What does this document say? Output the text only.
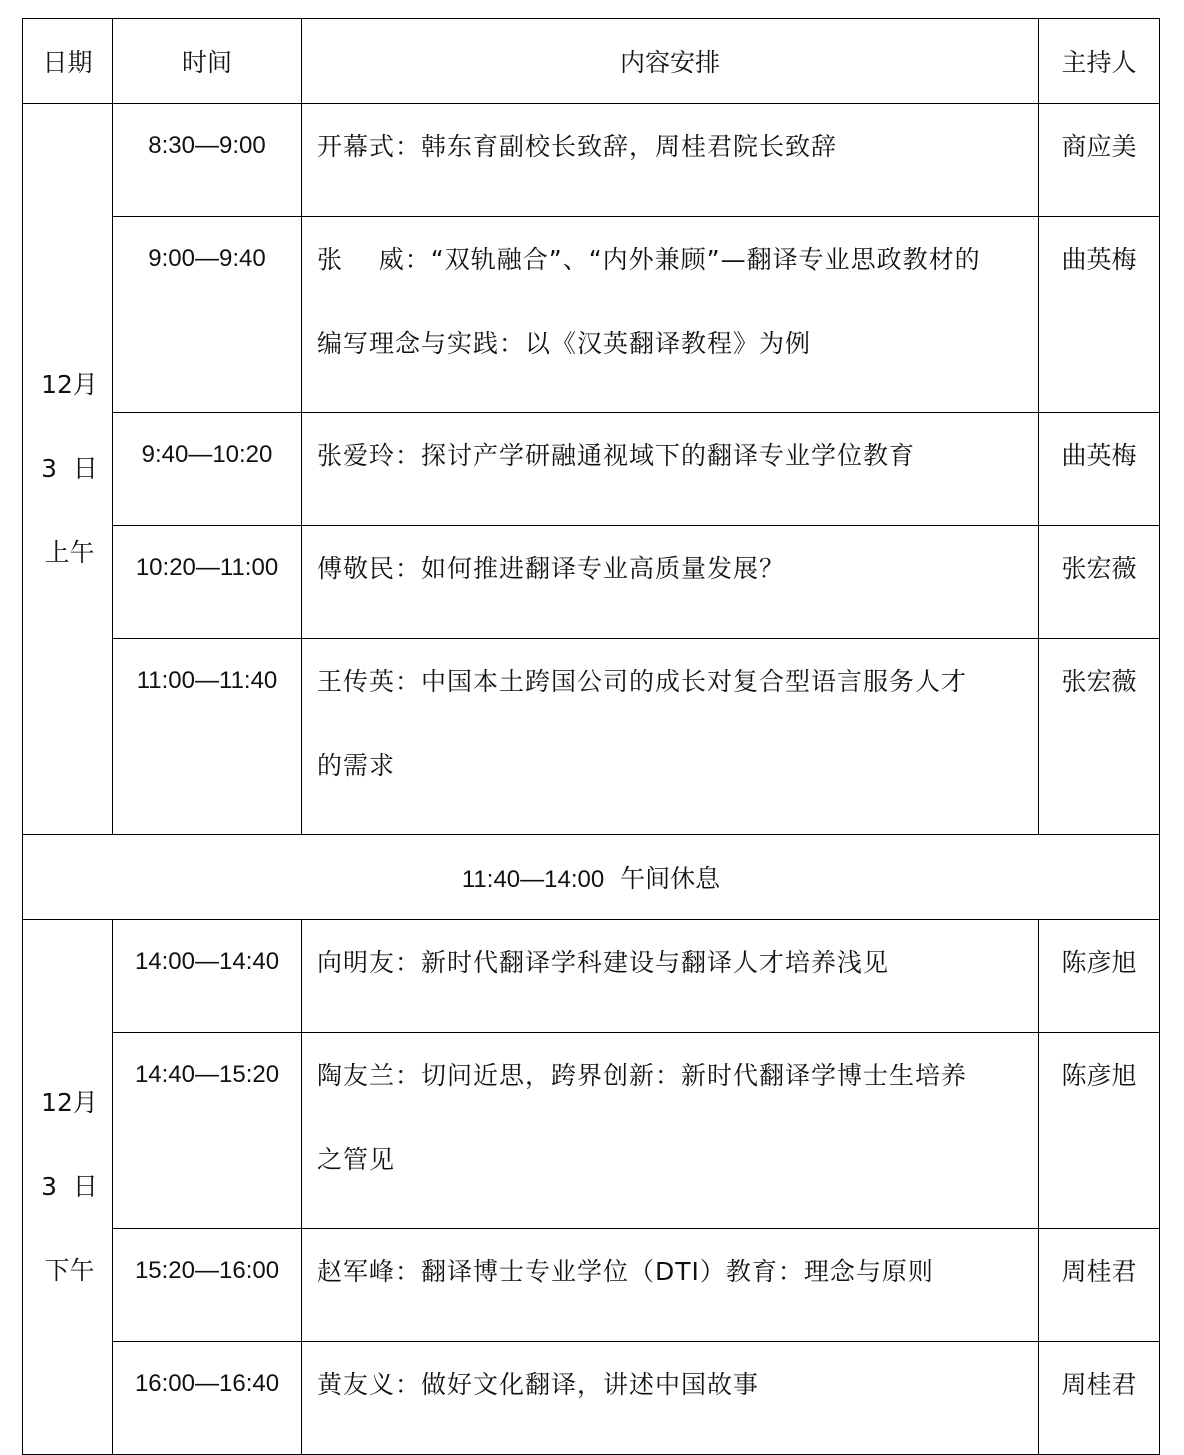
日期	时间	内容安排	主持人

12月
3  日
上午	8:30—9:00	开幕式：韩东育副校长致辞，周桂君院长致辞	商应美
	9:00—9:40	张    威：“双轨融合”、“内外兼顾”—翻译专业思政教材的
编写理念与实践：以《汉英翻译教程》为例	曲英梅
	9:40—10:20	张爱玲：探讨产学研融通视域下的翻译专业学位教育	曲英梅
	10:20—11:00	傅敬民：如何推进翻译专业高质量发展？	张宏薇
	11:00—11:40	王传英：中国本土跨国公司的成长对复合型语言服务人才
的需求	张宏薇
11:40—14:00 午间休息			

12月
3  日
下午	14:00—14:40	向明友：新时代翻译学科建设与翻译人才培养浅见	陈彦旭
	14:40—15:20	陶友兰：切问近思，跨界创新：新时代翻译学博士生培养
之管见	陈彦旭
	15:20—16:00	赵军峰：翻译博士专业学位（DTI）教育：理念与原则	周桂君
	16:00—16:40	黄友义：做好文化翻译，讲述中国故事	周桂君
